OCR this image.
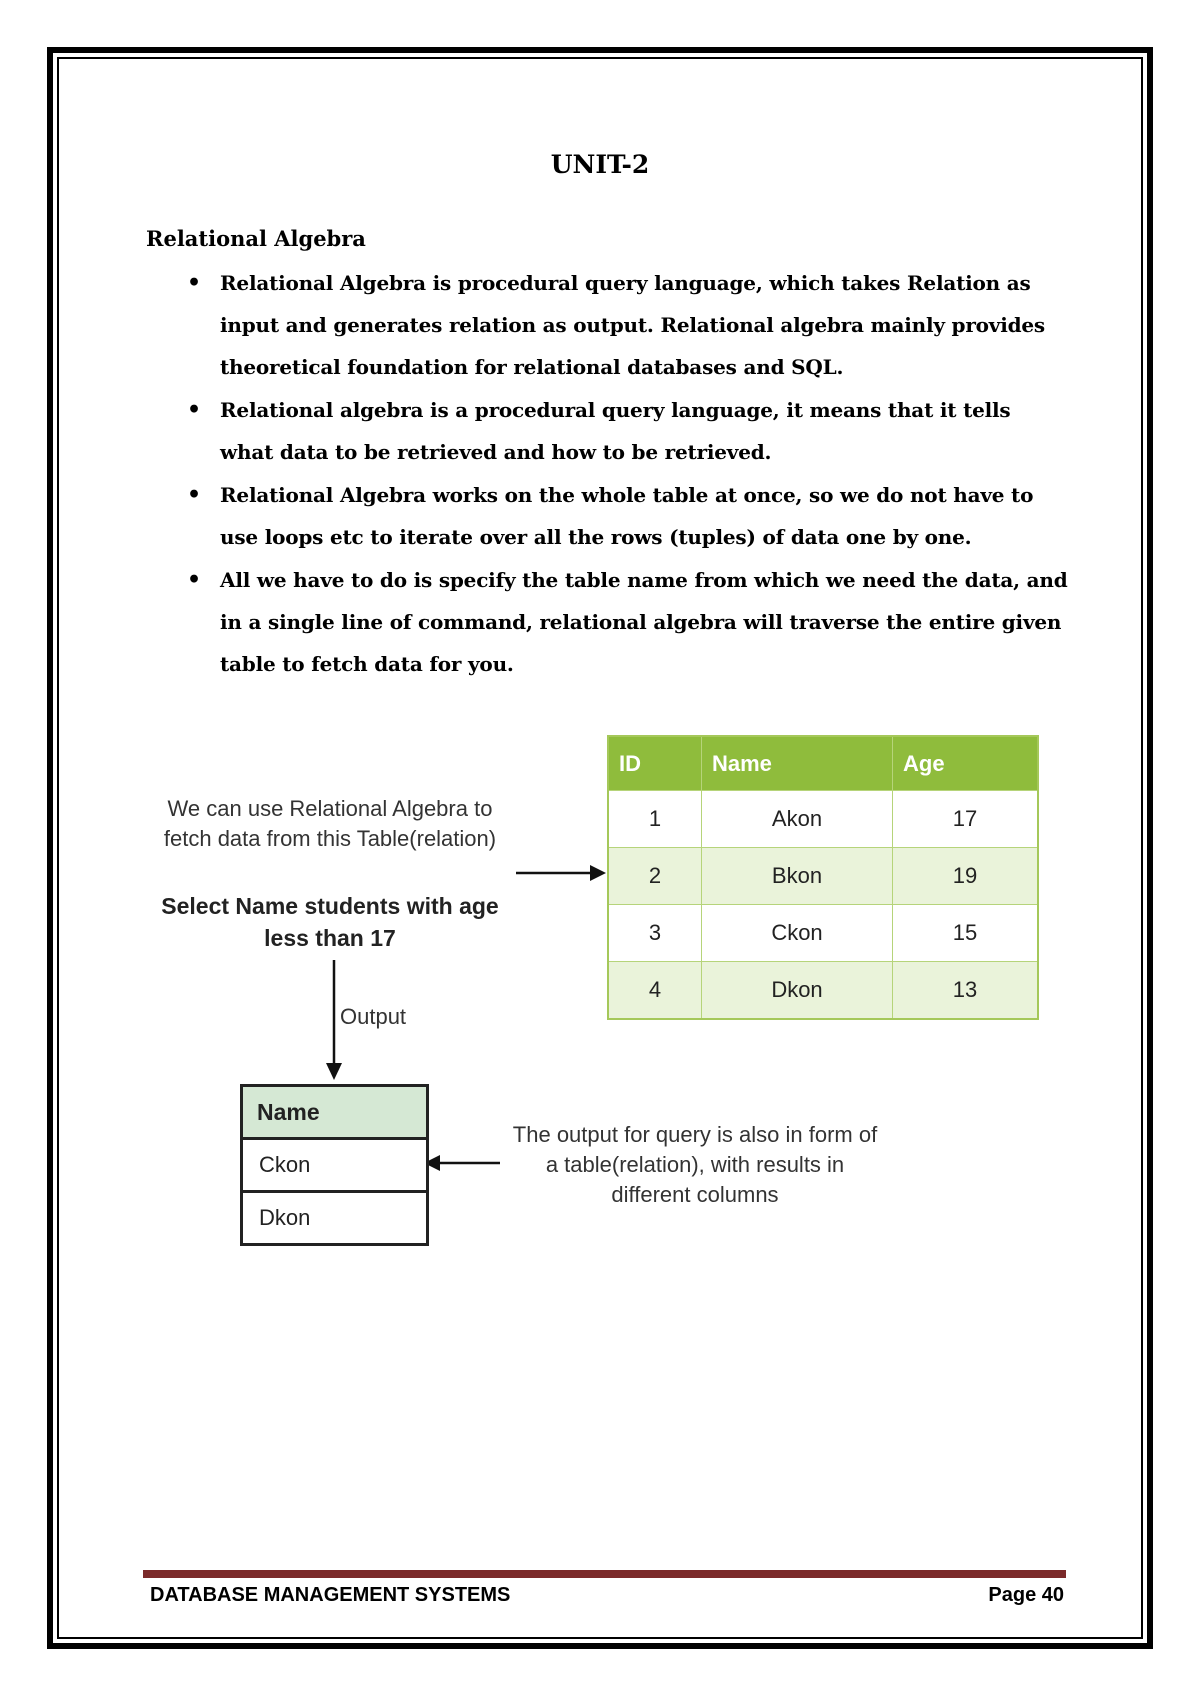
UNIT-2
Relational Algebra
• Relational Algebra is procedural query language, which takes Relation as input and generates relation as output. Relational algebra mainly provides theoretical foundation for relational databases and SQL.
• Relational algebra is a procedural query language, it means that it tells what data to be retrieved and how to be retrieved.
• Relational Algebra works on the whole table at once, so we do not have to use loops etc to iterate over all the rows (tuples) of data one by one.
• All we have to do is specify the table name from which we need the data, and in a single line of command, relational algebra will traverse the entire given table to fetch data for you.
We can use Relational Algebra to
fetch data from this Table(relation)
Select Name students with age
less than 17
Output
ID	Name	Age
1	Akon	17
2	Bkon	19
3	Ckon	15
4	Dkon	13
Name
Ckon
Dkon
The output for query is also in form of
a table(relation), with results in
different columns
DATABASE MANAGEMENT SYSTEMS	Page 40
